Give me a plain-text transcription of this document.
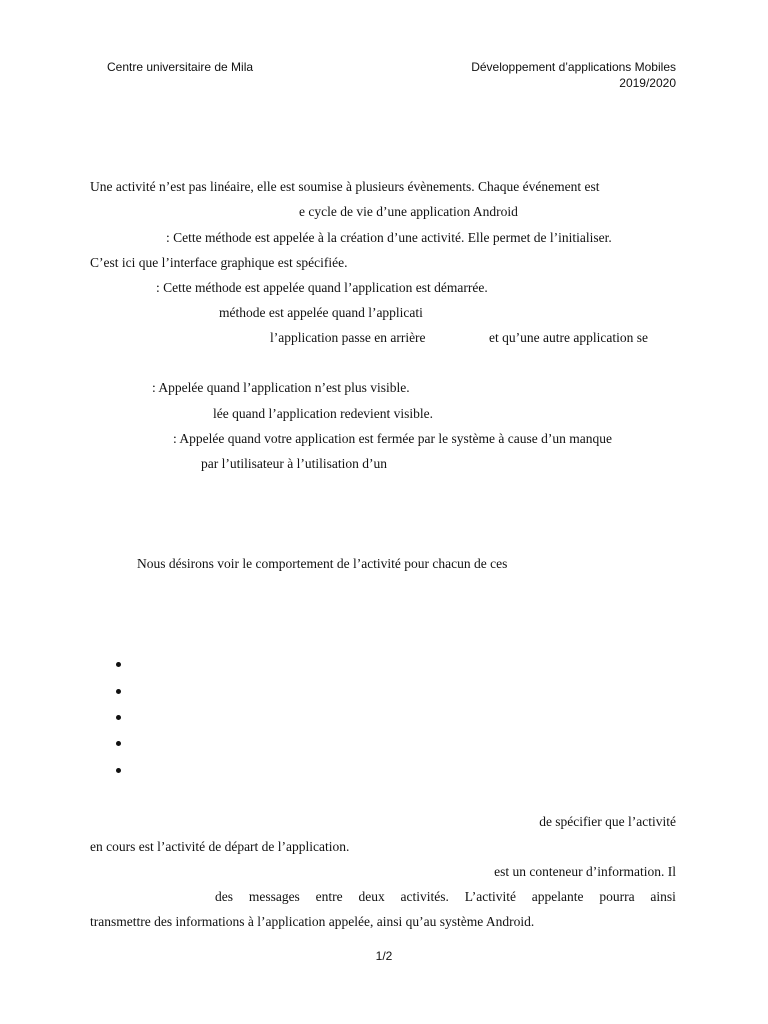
Centre universitaire de Mila	Développement d’applications Mobiles
2019/2020
Une activité n’est pas linéaire, elle est soumise à plusieurs évènements. Chaque événement est
e cycle de vie d’une application Android
: Cette méthode est appelée à la création d’une activité. Elle permet de l’initialiser.
C’est ici que l’interface graphique est spécifiée.
: Cette méthode est appelée quand l’application est démarrée.
méthode est appelée quand l’applicati
l’application passe en arrière	et qu’une autre application se
: Appelée quand l’application n’est plus visible.
lée quand l’application redevient visible.
: Appelée quand votre application est fermée par le système à cause d’un manque
par l’utilisateur à l’utilisation d’un
Nous désirons voir le comportement de l’activité pour chacun de ces
de spécifier que l’activité
en cours est l’activité de départ de l’application.
est un conteneur d’information. Il
des messages entre deux activités. L’activité appelante pourra ainsi
transmettre des informations à l’application appelée, ainsi qu’au système Android.
1/2
